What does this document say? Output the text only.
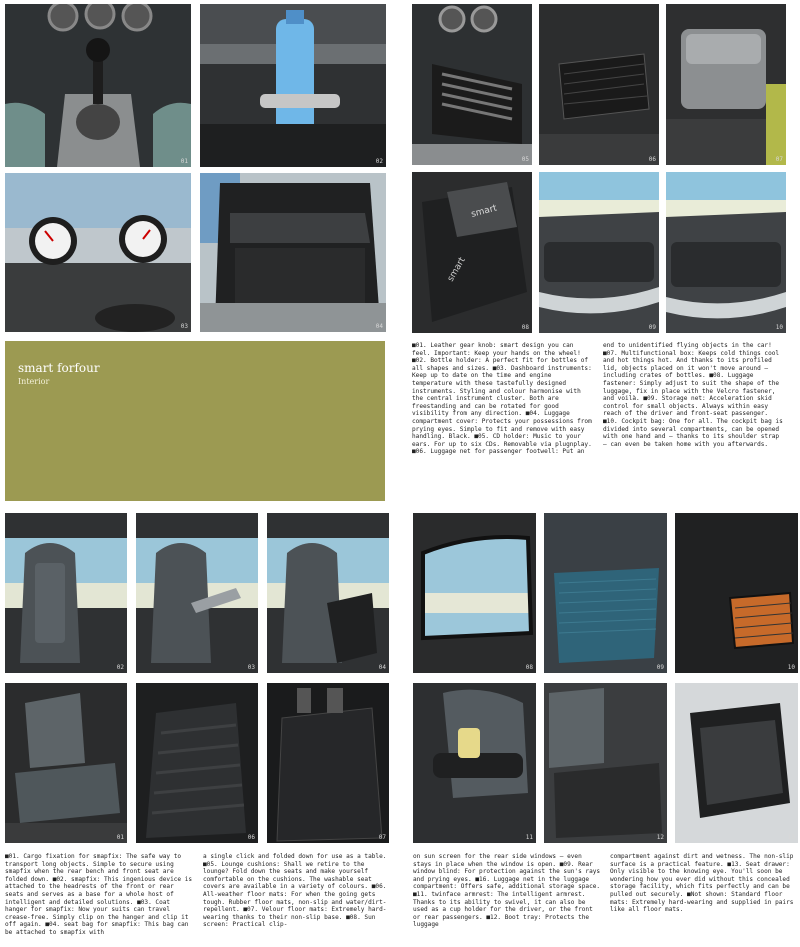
01	02
03	04
smart forfour
Interior
05	06	07
smart
smart
08	09	10
■01. Leather gear knob: smart design you can feel. Important: Keep your hands on the wheel! ■02. Bottle holder: A perfect fit for bottles of all shapes and sizes. ■03. Dashboard instruments: Keep up to date on the time and engine temperature with these tastefully designed instruments. Styling and colour harmonise with the central instrument cluster. Both are freestanding and can be rotated for good visibility from any direction. ■04. Luggage compartment cover: Protects your possessions from prying eyes. Simple to fit and remove with easy handling. Black. ■05. CD holder: Music to your ears. For up to six CDs. Removable via plugnplay. ■06. Luggage net for passenger footwell: Put an
end to unidentified flying objects in the car! ■07. Multifunctional box: Keeps cold things cool and hot things hot. And thanks to its profiled lid, objects placed on it won't move around – including crates of bottles. ■08. Luggage fastener: Simply adjust to suit the shape of the luggage, fix in place with the Velcro fastener, and voilà. ■09. Storage net: Acceleration skid control for small objects. Always within easy reach of the driver and front-seat passenger. ■10. Cockpit bag: One for all. The cockpit bag is divided into several compartments, can be opened with one hand and – thanks to its shoulder strap – can even be taken home with you afterwards.
02	03	04
01	06	07
■01. Cargo fixation for smapfix: The safe way to transport long objects. Simple to secure using smapfix when the rear bench and front seat are folded down. ■02. smapfix: This ingenious device is attached to the headrests of the front or rear seats and serves as a base for a whole host of intelligent and detailed solutions. ■03. Coat hanger for smapfix: Now your suits can travel crease-free. Simply clip on the hanger and clip it off again. ■04. seat bag for smapfix: This bag can be attached to smapfix with
a single click and folded down for use as a table. ■05. Lounge cushions: Shall we retire to the lounge? Fold down the seats and make yourself comfortable on the cushions. The washable seat covers are available in a variety of colours. ■06. All-weather floor mats: For when the going gets tough. Rubber floor mats, non-slip and water/dirt-repellent. ■07. Velour floor mats: Extremely hard-wearing thanks to their non-slip base. ■08. Sun screen: Practical clip-
08	09	10
11	12	13
on sun screen for the rear side windows – even stays in place when the window is open. ■09. Rear window blind: For protection against the sun's rays and prying eyes. ■16. Luggage net in the luggage compartment: Offers safe, additional storage space. ■11. twinface armrest: The intelligent armrest. Thanks to its ability to swivel, it can also be used as a cup holder for the driver, or the front or rear passengers. ■12. Boot tray: Protects the luggage
compartment against dirt and wetness. The non-slip surface is a practical feature. ■13. Seat drawer: Only visible to the knowing eye. You'll soon be wondering how you ever did without this concealed storage facility, which fits perfectly and can be pulled out securely. ■Not shown: Standard floor mats: Extremely hard-wearing and supplied in pairs like all floor mats.
